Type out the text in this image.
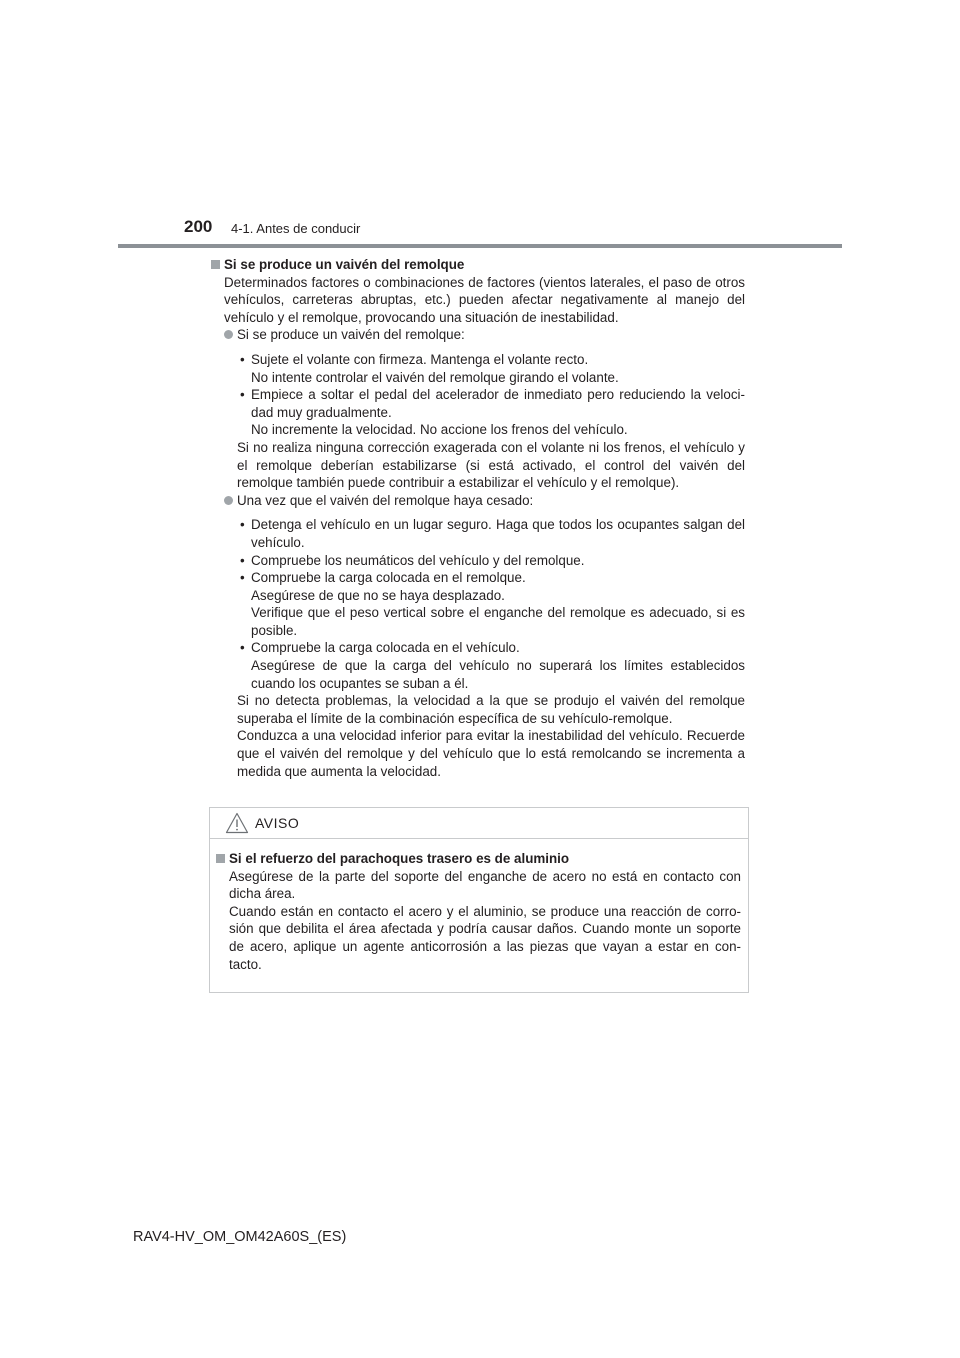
200 4-1. Antes de conducir

Si se produce un vaivén del remolque

Determinados factores o combinaciones de factores (vientos laterales, el paso de otros vehículos, carreteras abruptas, etc.) pueden afectar negativamente al manejo del vehículo y el remolque, provocando una situación de inestabilidad.

Si se produce un vaivén del remolque:

• Sujete el volante con firmeza. Mantenga el volante recto.
No intente controlar el vaivén del remolque girando el volante.

• Empiece a soltar el pedal del acelerador de inmediato pero reduciendo la veloci-dad muy gradualmente.
No incremente la velocidad. No accione los frenos del vehículo.

Si no realiza ninguna corrección exagerada con el volante ni los frenos, el vehículo y el remolque deberían estabilizarse (si está activado, el control del vaivén del remolque también puede contribuir a estabilizar el vehículo y el remolque).

Una vez que el vaivén del remolque haya cesado:

• Detenga el vehículo en un lugar seguro. Haga que todos los ocupantes salgan del vehículo.

• Compruebe los neumáticos del vehículo y del remolque.

• Compruebe la carga colocada en el remolque.
Asegúrese de que no se haya desplazado.
Verifique que el peso vertical sobre el enganche del remolque es adecuado, si es posible.

• Compruebe la carga colocada en el vehículo.
Asegúrese de que la carga del vehículo no superará los límites establecidos cuando los ocupantes se suban a él.

Si no detecta problemas, la velocidad a la que se produjo el vaivén del remolque superaba el límite de la combinación específica de su vehículo-remolque.

Conduzca a una velocidad inferior para evitar la inestabilidad del vehículo. Recuerde que el vaivén del remolque y del vehículo que lo está remolcando se incrementa a medida que aumenta la velocidad.

AVISO

Si el refuerzo del parachoques trasero es de aluminio

Asegúrese de la parte del soporte del enganche de acero no está en contacto con dicha área.

Cuando están en contacto el acero y el aluminio, se produce una reacción de corro-sión que debilita el área afectada y podría causar daños. Cuando monte un soporte de acero, aplique un agente anticorrosión a las piezas que vayan a estar en con-tacto.

RAV4-HV_OM_OM42A60S_(ES)
